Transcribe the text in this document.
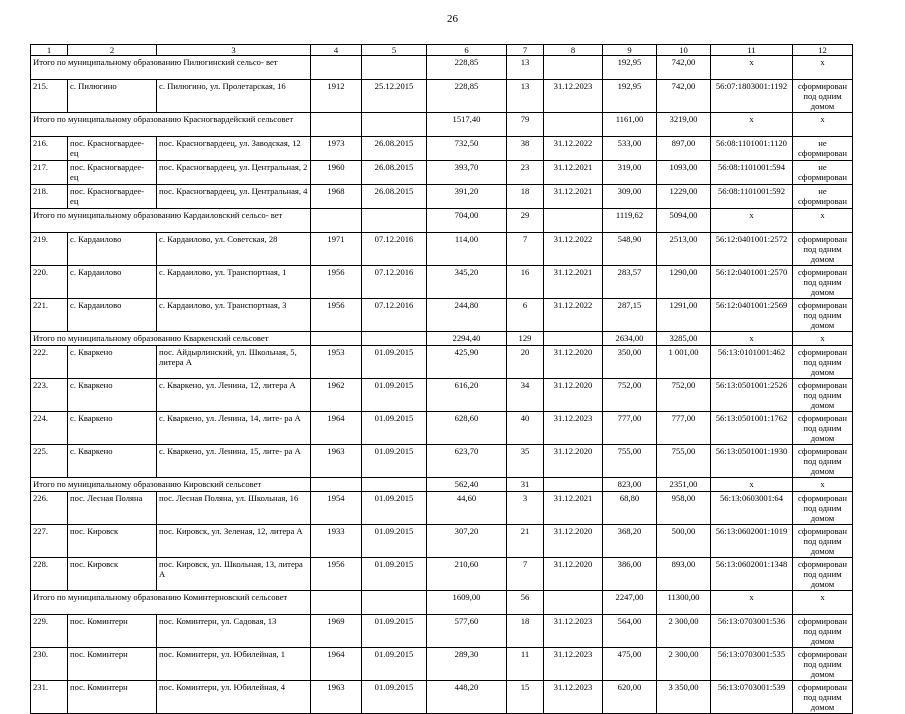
26
1	2	3	4	5	6	7	8	9	10	11	12
Итого по муниципальному образованию Пилюгинский сельсо- вет					228,85	13		192,95	742,00	x	x
215.	с. Пилюгино	с. Пилюгино, ул. Пролетарская, 16	1912	25.12.2015	228,85	13	31.12.2023	192,95	742,00	56:07:1803001:1192	сформирован под одним домом
Итого по муниципальному образованию Красногвардейский сельсовет					1517,40	79		1161,00	3219,00	x	x
216.	пос. Красногвардее- ец	пос. Красногвардеец, ул. Заводская, 12	1973	26.08.2015	732,50	38	31.12.2022	533,00	897,00	56:08:1101001:1120	не сформирован
217.	пос. Красногвардее- ец	пос. Красногвардеец, ул. Центральная, 2	1960	26.08.2015	393,70	23	31.12.2021	319,00	1093,00	56:08:1101001:594	не сформирован
218.	пос. Красногвардее- ец	пос. Красногвардеец, ул. Центральная, 4	1968	26.08.2015	391,20	18	31.12.2021	309,00	1229,00	56:08:1101001:592	не сформирован
Итого по муниципальному образованию Кардаиловский сельсо- вет					704,00	29		1119,62	5094,00	x	x
219.	с. Кардаилово	с. Кардаилово, ул. Советская, 28	1971	07.12.2016	114,00	7	31.12.2022	548,90	2513,00	56:12:0401001:2572	сформирован под одним домом
220.	с. Кардаилово	с. Кардаилово, ул. Транспортная, 1	1956	07.12.2016	345,20	16	31.12.2021	283,57	1290,00	56:12:0401001:2570	сформирован под одним домом
221.	с. Кардаилово	с. Кардаилово, ул. Транспортная, 3	1956	07.12.2016	244,80	6	31.12.2022	287,15	1291,00	56:12:0401001:2569	сформирован под одним домом
Итого по муниципальному образованию Кваркенский сельсовет					2294,40	129		2634,00	3285,00	x	x
222.	с. Кваркено	пос. Айдырлинский, ул. Школьная, 5, литера А	1953	01.09.2015	425,90	20	31.12.2020	350,00	1 001,00	56:13:0101001:462	сформирован под одним домом
223.	с. Кваркено	с. Кваркено, ул. Ленина, 12, литера А	1962	01.09.2015	616,20	34	31.12.2020	752,00	752,00	56:13:0501001:2526	сформирован под одним домом
224.	с. Кваркено	с. Кваркено, ул. Ленина, 14, лите- ра А	1964	01.09.2015	628,60	40	31.12.2023	777,00	777,00	56:13:0501001:1762	сформирован под одним домом
225.	с. Кваркено	с. Кваркено, ул. Ленина, 15, лите- ра А	1963	01.09.2015	623,70	35	31.12.2020	755,00	755,00	56:13:0501001:1930	сформирован под одним домом
Итого по муниципальному образованию Кировский сельсовет					562,40	31		823,00	2351,00	x	x
226.	пос. Лесная Поляна	пос. Лесная Поляна, ул. Школьная, 16	1954	01.09.2015	44,60	3	31.12.2021	68,80	958,00	56:13:0603001:64	сформирован под одним домом
227.	пос. Кировск	пос. Кировск, ул. Зеленая, 12, литера А	1933	01.09.2015	307,20	21	31.12.2020	368,20	500,00	56:13:0602001:1019	сформирован под одним домом
228.	пос. Кировск	пос. Кировск, ул. Школьная, 13, литера А	1956	01.09.2015	210,60	7	31.12.2020	386,00	893,00	56:13:0602001:1348	сформирован под одним домом
Итого по муниципальному образованию Коминтерновский сельсовет					1609,00	56		2247,00	11300,00	x	x
229.	пос. Коминтерн	пос. Коминтерн, ул. Садовая, 13	1969	01.09.2015	577,60	18	31.12.2023	564,00	2 300,00	56:13:0703001:536	сформирован под одним домом
230.	пос. Коминтерн	пос. Коминтерн, ул. Юбилейная, 1	1964	01.09.2015	289,30	11	31.12.2023	475,00	2 300,00	56:13:0703001:535	сформирован под одним домом
231.	пос. Коминтерн	пос. Коминтерн, ул. Юбилейная, 4	1963	01.09.2015	448,20	15	31.12.2023	620,00	3 350,00	56:13:0703001:539	сформирован под одним домом
